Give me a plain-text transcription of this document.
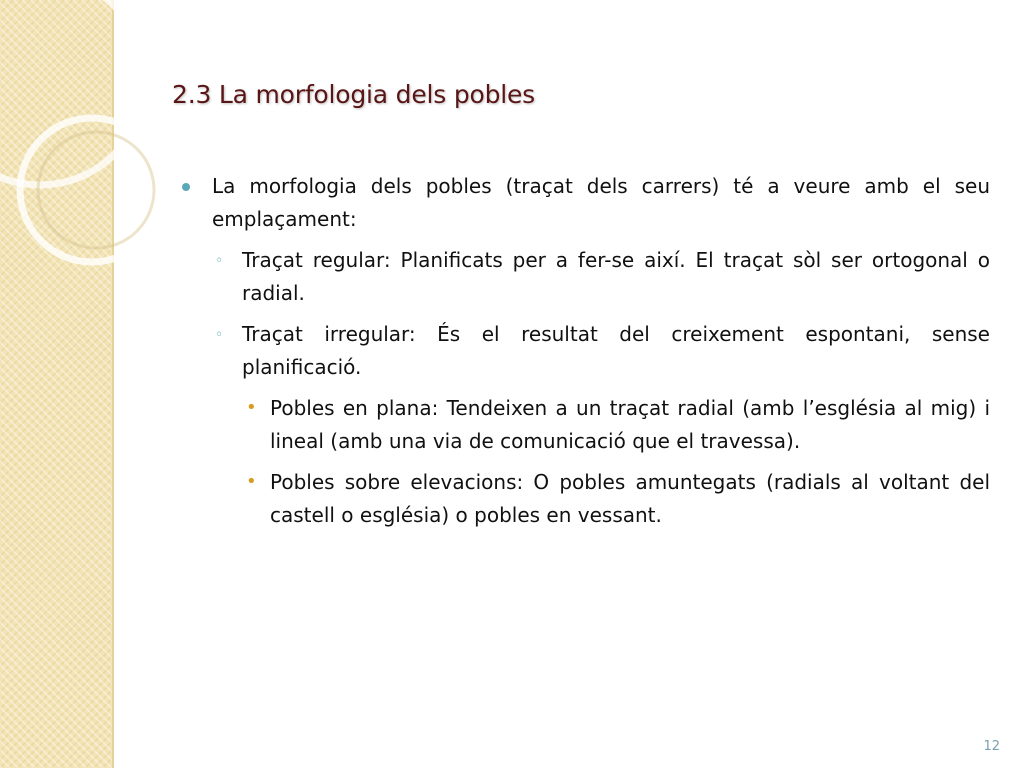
2.3 La morfologia dels pobles
La morfologia dels pobles (traçat dels carrers) té a veure amb el seu emplaçament:
◦ Traçat regular: Planificats per a fer-se així. El traçat sòl ser ortogonal o radial.
◦ Traçat irregular: És el resultat del creixement espontani, sense planificació.
• Pobles en plana: Tendeixen a un traçat radial (amb l’església al mig) i lineal (amb una via de comunicació que el travessa).
• Pobles sobre elevacions: O pobles amuntegats (radials al voltant del castell o església) o pobles en vessant.
12
